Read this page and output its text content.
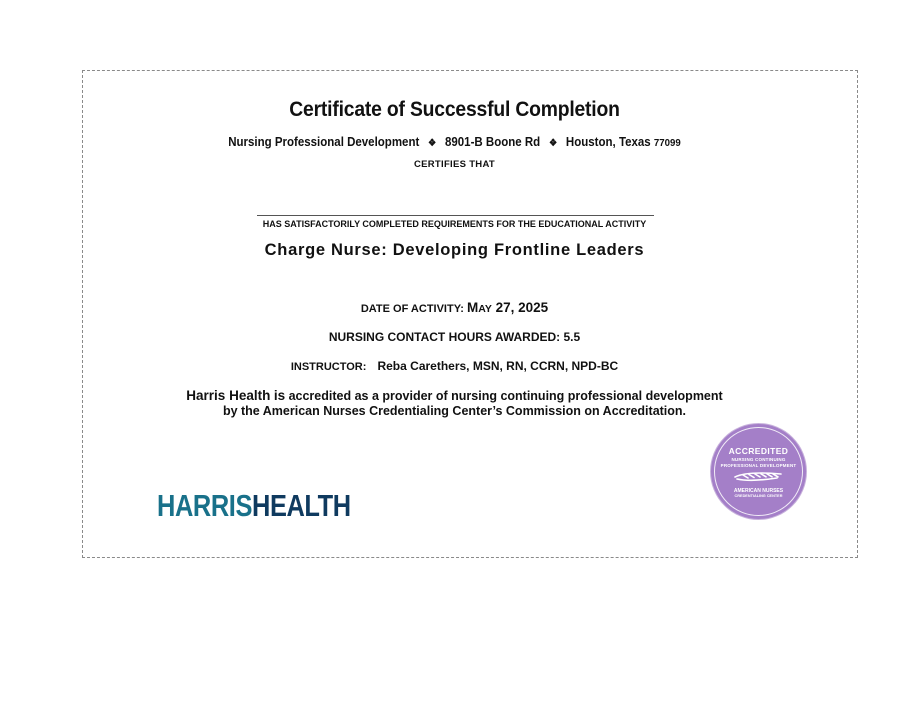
Certificate of Successful Completion
Nursing Professional Development ❖ 8901-B Boone Rd ❖ Houston, Texas 77099
CERTIFIES THAT
HAS SATISFACTORILY COMPLETED REQUIREMENTS FOR THE EDUCATIONAL ACTIVITY
Charge Nurse: Developing Frontline Leaders
DATE OF ACTIVITY: MAY 27, 2025
NURSING CONTACT HOURS AWARDED: 5.5
INSTRUCTOR: Reba Carethers, MSN, RN, CCRN, NPD-BC
Harris Health is accredited as a provider of nursing continuing professional development
by the American Nurses Credentialing Center’s Commission on Accreditation.
HARRISHEALTH
ACCREDITED
NURSING CONTINUING
PROFESSIONAL DEVELOPMENT
AMERICAN NURSES
CREDENTIALING CENTER
